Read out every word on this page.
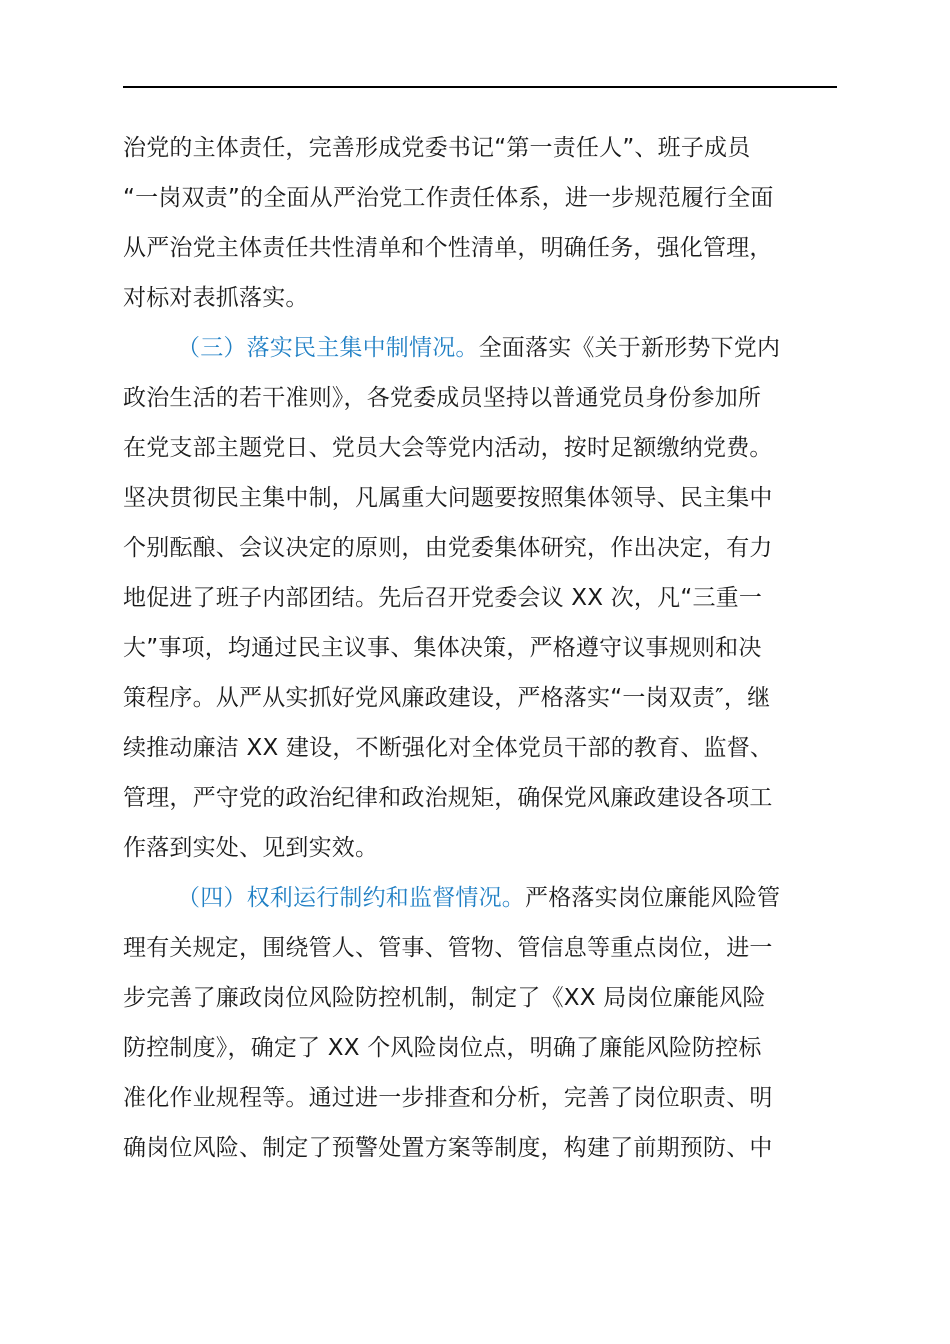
治党的主体责任，完善形成党委书记“第一责任人”、班子成员
“一岗双责”的全面从严治党工作责任体系，进一步规范履行全面
从严治党主体责任共性清单和个性清单，明确任务，强化管理，
对标对表抓落实。
（三）落实民主集中制情况。全面落实《关于新形势下党内
政治生活的若干准则》，各党委成员坚持以普通党员身份参加所
在党支部主题党日、党员大会等党内活动，按时足额缴纳党费。
坚决贯彻民主集中制，凡属重大问题要按照集体领导、民主集中
个别酝酿、会议决定的原则，由党委集体研究，作出决定，有力
地促进了班子内部团结。先后召开党委会议 XX 次，凡“三重一
大”事项，均通过民主议事、集体决策，严格遵守议事规则和决
策程序。从严从实抓好党风廉政建设，严格落实“一岗双责″，继
续推动廉洁 XX 建设，不断强化对全体党员干部的教育、监督、
管理，严守党的政治纪律和政治规矩，确保党风廉政建设各项工
作落到实处、见到实效。
（四）权利运行制约和监督情况。严格落实岗位廉能风险管
理有关规定，围绕管人、管事、管物、管信息等重点岗位，进一
步完善了廉政岗位风险防控机制，制定了《XX 局岗位廉能风险
防控制度》，确定了 XX 个风险岗位点，明确了廉能风险防控标
准化作业规程等。通过进一步排查和分析，完善了岗位职责、明
确岗位风险、制定了预警处置方案等制度，构建了前期预防、中
